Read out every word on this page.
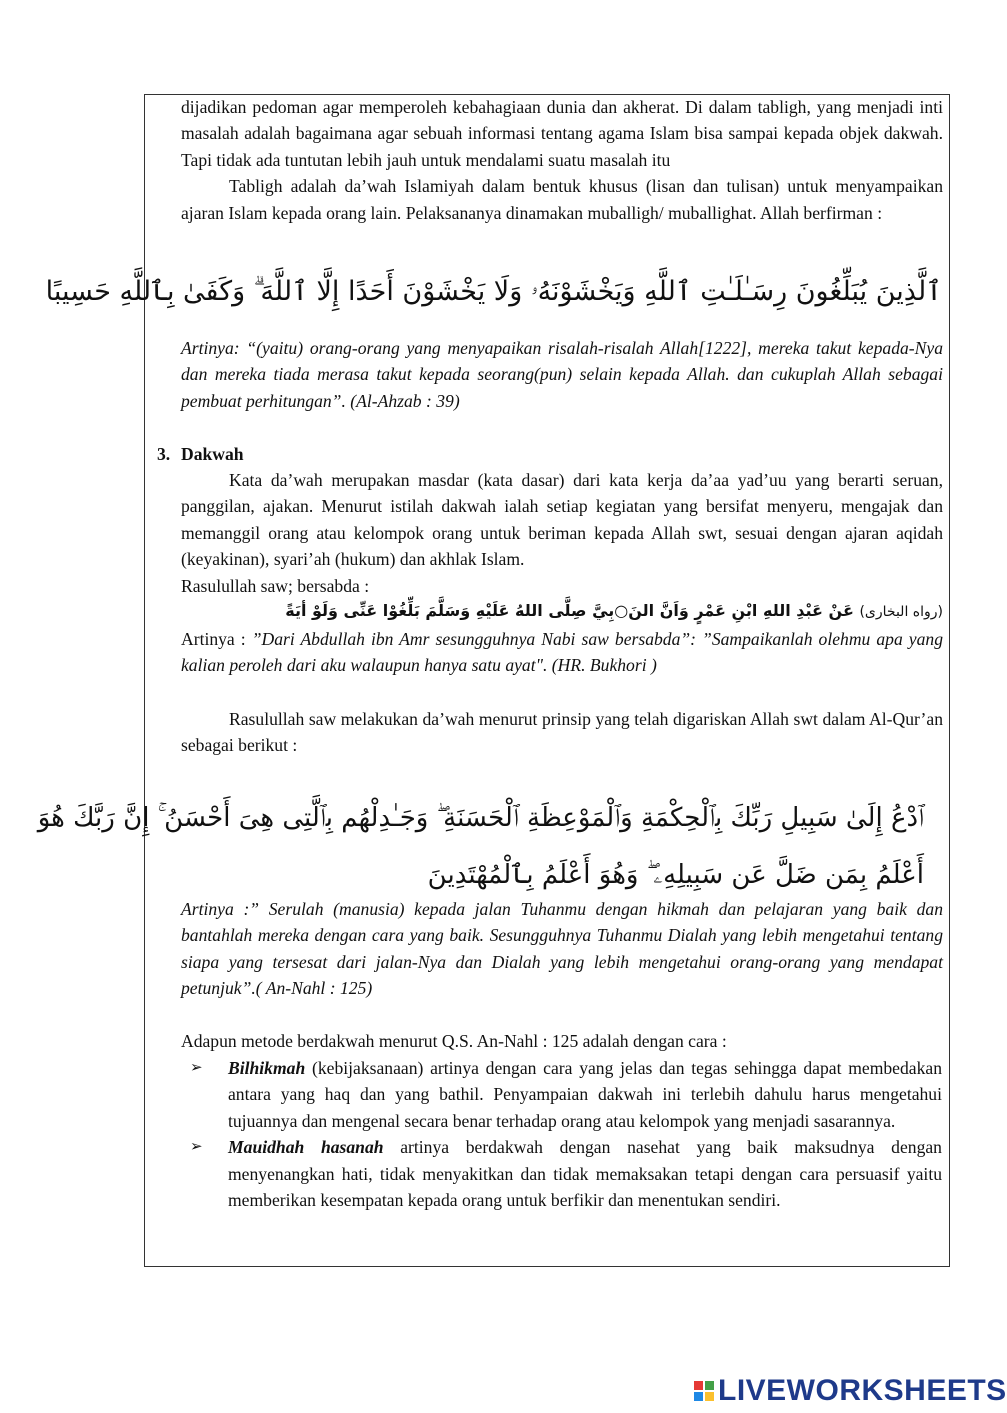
dijadikan pedoman agar memperoleh kebahagiaan dunia dan akherat. Di dalam tabligh, yang menjadi inti masalah adalah bagaimana agar sebuah informasi tentang agama Islam bisa sampai kepada objek dakwah. Tapi tidak ada tuntutan lebih jauh untuk mendalami suatu masalah itu

Tabligh adalah da’wah Islamiyah dalam bentuk khusus (lisan dan tulisan) untuk menyampaikan ajaran Islam kepada orang lain. Pelaksananya dinamakan muballigh/ muballighat. Allah berfirman :

ٱلَّذِينَ يُبَلِّغُونَ رِسَـٰلَـٰتِ ٱللَّهِ وَيَخْشَوْنَهُۥ وَلَا يَخْشَوْنَ أَحَدًا إِلَّا ٱللَّهَ ۗ وَكَفَىٰ بِٱللَّهِ حَسِيبًا

Artinya: “(yaitu) orang-orang yang menyapaikan risalah-risalah Allah[1222], mereka takut kepada-Nya dan mereka tiada merasa takut kepada seorang(pun) selain kepada Allah. dan cukuplah Allah sebagai pembuat perhitungan”. (Al-Ahzab : 39)

3. Dakwah

Kata da’wah merupakan masdar (kata dasar) dari kata kerja da’aa yad’uu yang berarti seruan, panggilan, ajakan. Menurut istilah dakwah ialah setiap kegiatan yang bersifat menyeru, mengajak dan memanggil orang atau kelompok orang untuk beriman kepada Allah swt, sesuai dengan ajaran aqidah (keyakinan), syari’ah (hukum) dan akhlak Islam.

Rasulullah saw; bersabda :

(رواه البخارى) عَنْ عَبْدِ اللهِ ابْنِ عَمْرٍ وَاَنَّ النَ○بِيَّ صِلَّى اللهُ عَلَيْهِ وَسَلَّمَ بَلِّغُوْا عَنِّى وَلَوْ أيَةً

Artinya : ”Dari Abdullah ibn Amr sesungguhnya Nabi saw bersabda”: ”Sampaikanlah olehmu apa yang kalian peroleh dari aku walaupun hanya satu ayat". (HR. Bukhori )

Rasulullah saw melakukan da’wah menurut prinsip yang telah digariskan Allah swt dalam Al-Qur’an sebagai berikut :

ٱدْعُ إِلَىٰ سَبِيلِ رَبِّكَ بِٱلْحِكْمَةِ وَٱلْمَوْعِظَةِ ٱلْحَسَنَةِ ۖ وَجَـٰدِلْهُم بِٱلَّتِى هِىَ أَحْسَنُ ۚ إِنَّ رَبَّكَ هُوَ
أَعْلَمُ بِمَن ضَلَّ عَن سَبِيلِهِۦ ۖ وَهُوَ أَعْلَمُ بِٱلْمُهْتَدِينَ

Artinya :” Serulah (manusia) kepada jalan Tuhanmu dengan hikmah dan pelajaran yang baik dan bantahlah mereka dengan cara yang baik. Sesungguhnya Tuhanmu Dialah yang lebih mengetahui tentang siapa yang tersesat dari jalan-Nya dan Dialah yang lebih mengetahui orang-orang yang mendapat petunjuk”.( An-Nahl : 125)

Adapun metode berdakwah menurut Q.S. An-Nahl : 125 adalah dengan cara :

➢	Bilhikmah (kebijaksanaan) artinya dengan cara yang jelas dan tegas sehingga dapat membedakan antara yang haq dan yang bathil. Penyampaian dakwah ini terlebih dahulu harus mengetahui tujuannya dan mengenal secara benar terhadap orang atau kelompok yang menjadi sasarannya.
➢	Mauidhah hasanah artinya berdakwah dengan nasehat yang baik maksudnya dengan menyenangkan hati, tidak menyakitkan dan tidak memaksakan tetapi dengan cara persuasif yaitu memberikan kesempatan kepada orang untuk berfikir dan menentukan sendiri.
LIVEWORKSHEETS
